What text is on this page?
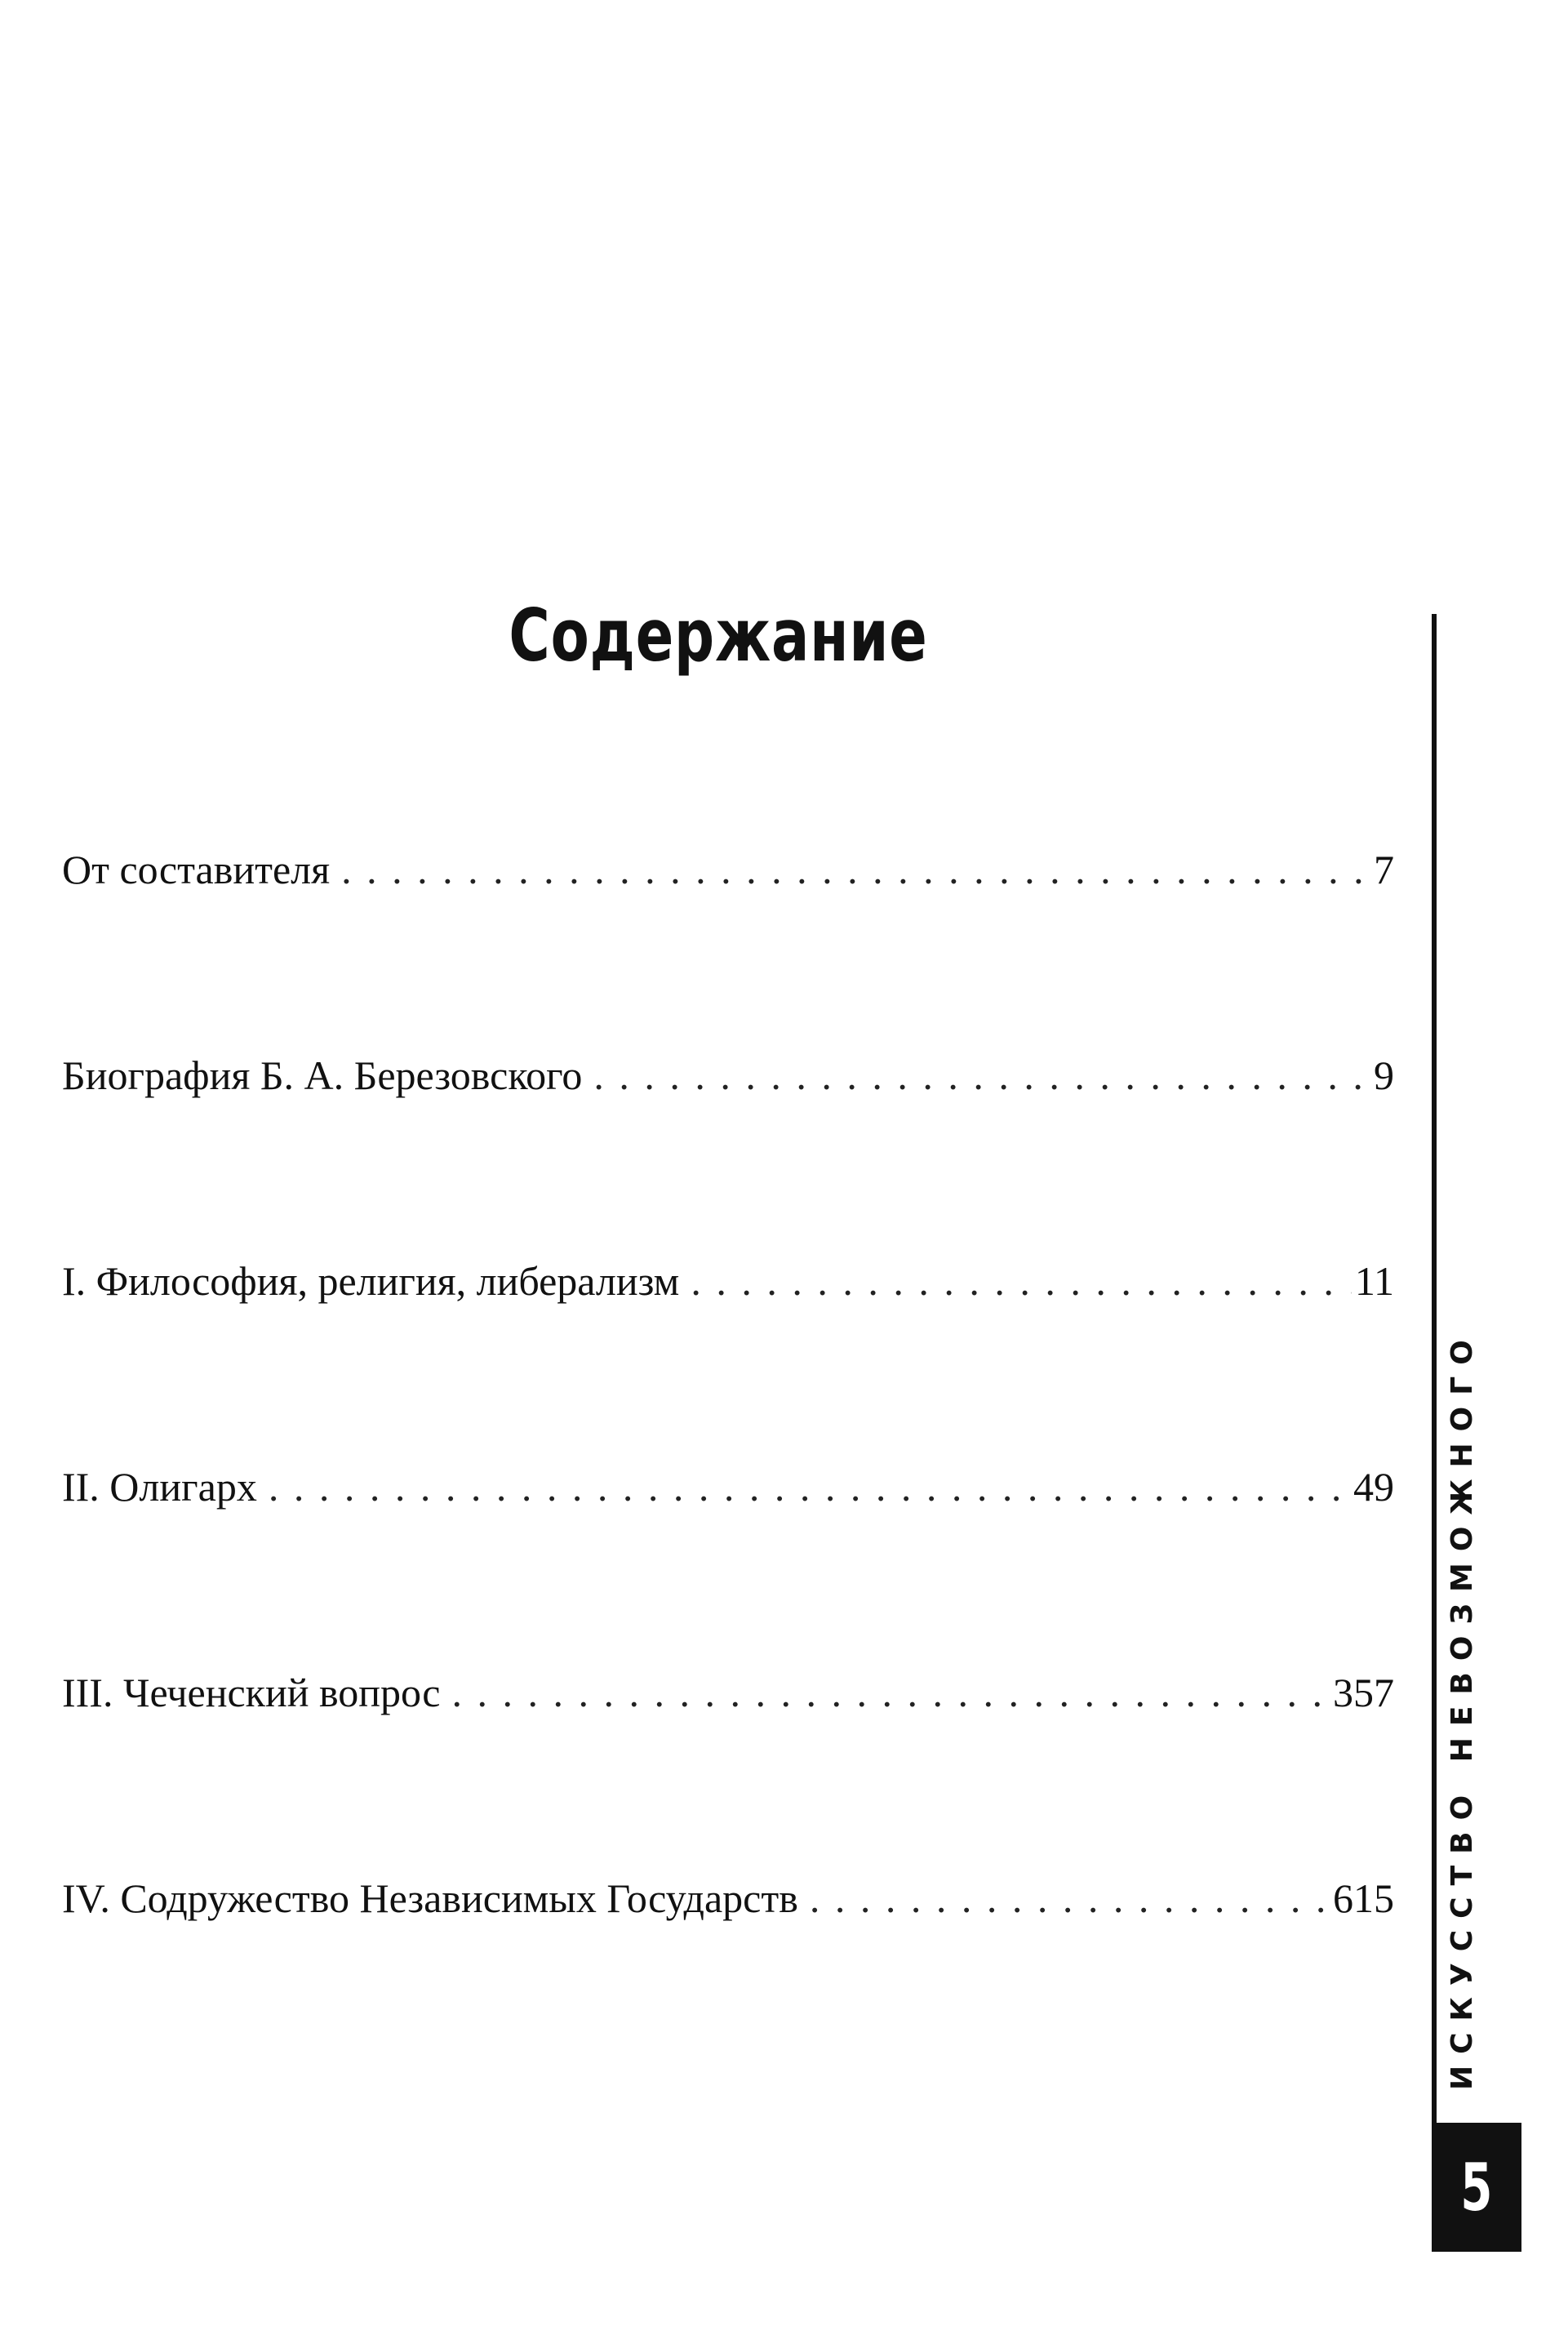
Содержание
От составителя . . .	7
Биография Б. А. Березовского . . .	9
I. Философия, религия, либерализм . . .	11
II. Олигарх . . .	49
III. Чеченский вопрос . . .	357
IV. Содружество Независимых Государств . . .	615 ИСКУССТВО НЕВОЗМОЖНОГО
5
